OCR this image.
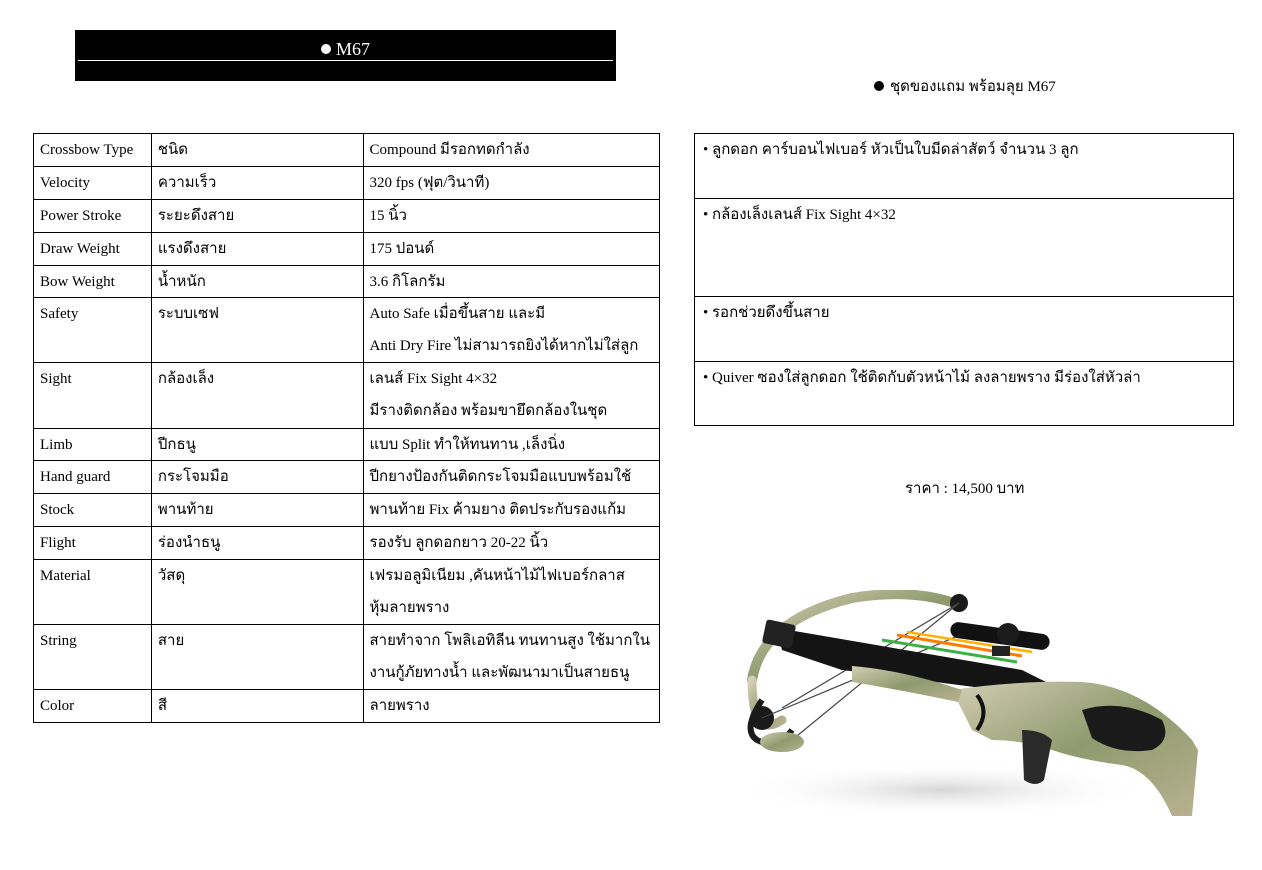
M67
ชุดของแถม พร้อมลุย M67
Crossbow Type	ชนิด	Compound มีรอกทดกำลัง

Velocity	ความเร็ว	320 fps (ฟุต/วินาที)

Power Stroke	ระยะดึงสาย	15 นิ้ว

Draw Weight	แรงดึงสาย	175 ปอนด์

Bow Weight	น้ำหนัก	3.6 กิโลกรัม

Safety	ระบบเซฟ	Auto Safe เมื่อขึ้นสาย และมี
Anti Dry Fire ไม่สามารถยิงได้หากไม่ใส่ลูก

Sight	กล้องเล็ง	เลนส์ Fix Sight 4×32
มีรางติดกล้อง พร้อมขายึดกล้องในชุด

Limb	ปีกธนู	แบบ Split ทำให้ทนทาน ,เล็งนิ่ง

Hand guard	กระโจมมือ	ปีกยางป้องกันติดกระโจมมือแบบพร้อมใช้

Stock	พานท้าย	พานท้าย Fix ค้ามยาง ติดประกับรองแก้ม

Flight	ร่องนำธนู	รองรับ ลูกดอกยาว 20-22 นิ้ว

Material	วัสดุ	เฟรมอลูมิเนียม ,คันหน้าไม้ไฟเบอร์กลาส
หุ้มลายพราง

String	สาย	สายทำจาก โพลิเอทิลีน ทนทานสูง ใช้มากใน
งานกู้ภัยทางน้ำ และพัฒนามาเป็นสายธนู

Color	สี	ลายพราง
• ลูกดอก คาร์บอนไฟเบอร์ หัวเป็นใบมีดล่าสัตว์ จำนวน 3 ลูก
• กล้องเล็งเลนส์ Fix Sight 4×32
• รอกช่วยดึงขึ้นสาย
• Quiver ซองใส่ลูกดอก ใช้ติดกับตัวหน้าไม้ ลงลายพราง มีร่องใส่หัวล่า
ราคา : 14,500 บาท
